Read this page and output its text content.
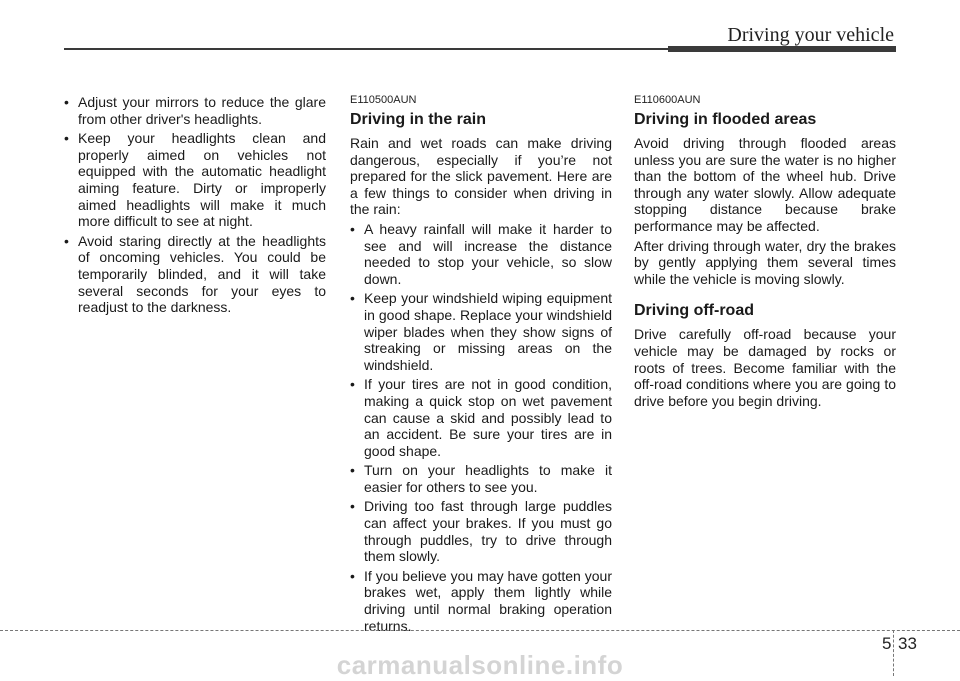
Driving your vehicle
• Adjust your mirrors to reduce the glare from other driver's headlights.
• Keep your headlights clean and properly aimed on vehicles not equipped with the automatic headlight aiming feature. Dirty or improperly aimed headlights will make it much more difficult to see at night.
• Avoid staring directly at the headlights of oncoming vehicles. You could be temporarily blinded, and it will take several seconds for your eyes to readjust to the darkness.
E110500AUN
Driving in the rain

Rain and wet roads can make driving dangerous, especially if you’re not prepared for the slick pavement. Here are a few things to consider when driving in the rain:

• A heavy rainfall will make it harder to see and will increase the distance needed to stop your vehicle, so slow down.
• Keep your windshield wiping equipment in good shape. Replace your windshield wiper blades when they show signs of streaking or missing areas on the windshield.
• If your tires are not in good condition, making a quick stop on wet pavement can cause a skid and possibly lead to an accident. Be sure your tires are in good shape.
• Turn on your headlights to make it easier for others to see you.
• Driving too fast through large puddles can affect your brakes. If you must go through puddles, try to drive through them slowly.
• If you believe you may have gotten your brakes wet, apply them lightly while driving until normal braking operation returns.
E110600AUN
Driving in flooded areas

Avoid driving through flooded areas unless you are sure the water is no higher than the bottom of the wheel hub. Drive through any water slowly. Allow adequate stopping distance because brake performance may be affected.

After driving through water, dry the brakes by gently applying them several times while the vehicle is moving slowly.

Driving off-road

Drive carefully off-road because your vehicle may be damaged by rocks or roots of trees. Become familiar with the off-road conditions where you are going to drive before you begin driving.

5 33
carmanualsonline.info
